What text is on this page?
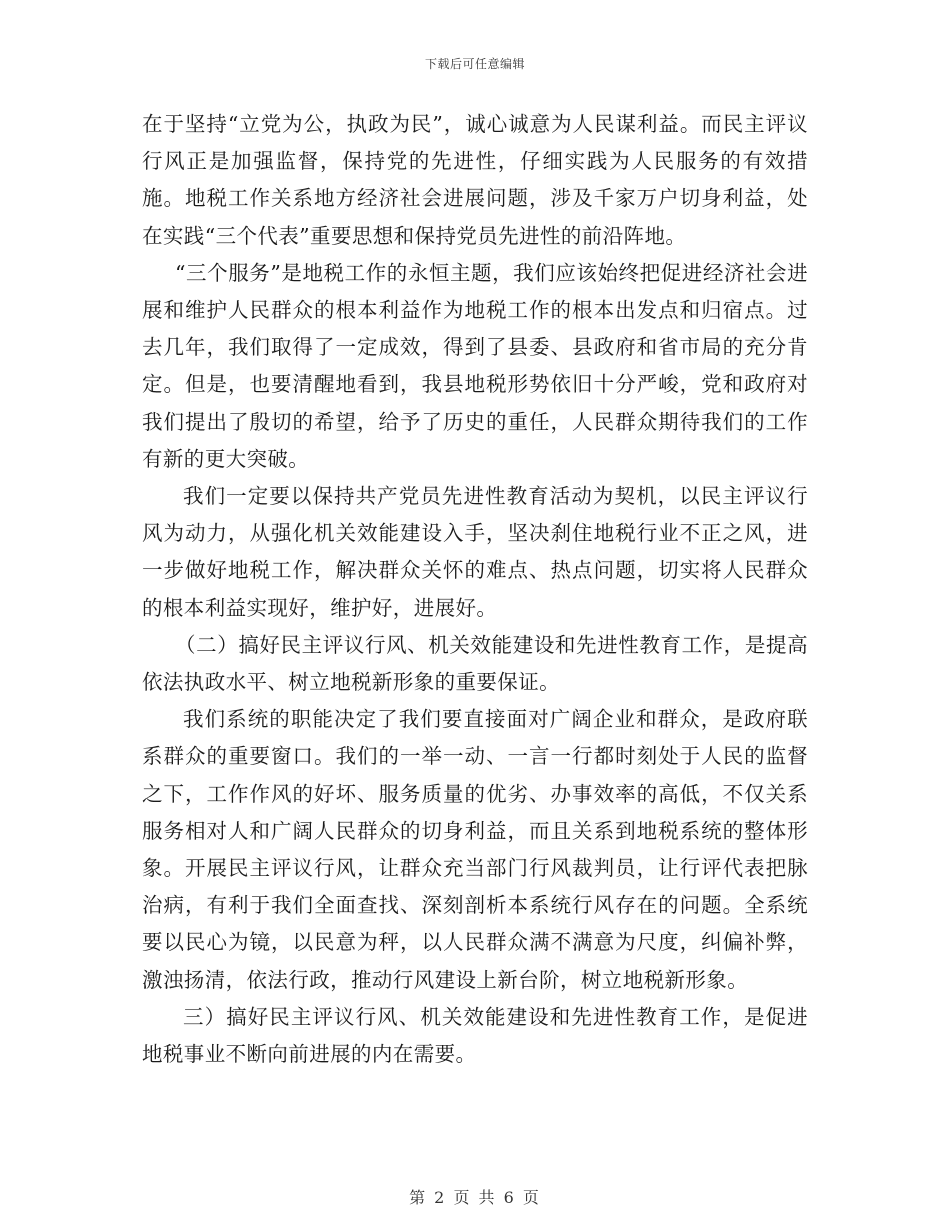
下载后可任意编辑

在于坚持“立党为公，执政为民”，诚心诚意为人民谋利益。而民主评议行风正是加强监督，保持党的先进性，仔细实践为人民服务的有效措施。地税工作关系地方经济社会进展问题，涉及千家万户切身利益，处在实践“三个代表”重要思想和保持党员先进性的前沿阵地。

“三个服务”是地税工作的永恒主题，我们应该始终把促进经济社会进展和维护人民群众的根本利益作为地税工作的根本出发点和归宿点。过去几年，我们取得了一定成效，得到了县委、县政府和省市局的充分肯定。但是，也要清醒地看到，我县地税形势依旧十分严峻，党和政府对我们提出了殷切的希望，给予了历史的重任，人民群众期待我们的工作有新的更大突破。

我们一定要以保持共产党员先进性教育活动为契机，以民主评议行风为动力，从强化机关效能建设入手，坚决刹住地税行业不正之风，进一步做好地税工作，解决群众关怀的难点、热点问题，切实将人民群众的根本利益实现好，维护好，进展好。

（二）搞好民主评议行风、机关效能建设和先进性教育工作，是提高依法执政水平、树立地税新形象的重要保证。

我们系统的职能决定了我们要直接面对广阔企业和群众，是政府联系群众的重要窗口。我们的一举一动、一言一行都时刻处于人民的监督之下，工作作风的好坏、服务质量的优劣、办事效率的高低，不仅关系服务相对人和广阔人民群众的切身利益，而且关系到地税系统的整体形象。开展民主评议行风，让群众充当部门行风裁判员，让行评代表把脉治病，有利于我们全面查找、深刻剖析本系统行风存在的问题。全系统要以民心为镜，以民意为秤，以人民群众满不满意为尺度，纠偏补弊，激浊扬清，依法行政，推动行风建设上新台阶，树立地税新形象。

三）搞好民主评议行风、机关效能建设和先进性教育工作，是促进地税事业不断向前进展的内在需要。

第 2 页 共 6 页
